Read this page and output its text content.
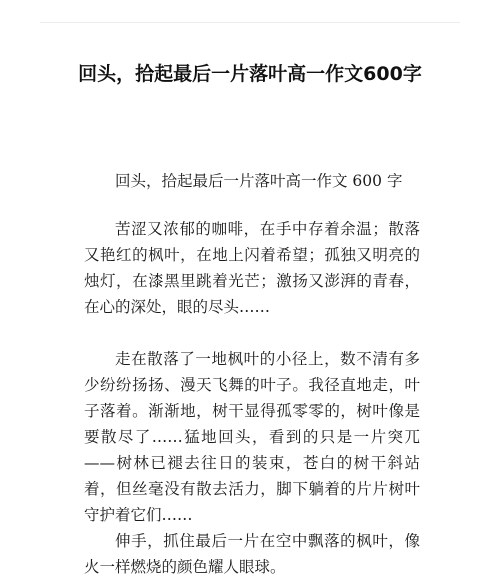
回头，拾起最后一片落叶高一作文600字

回头，拾起最后一片落叶高一作文 600 字

苦涩又浓郁的咖啡，在手中存着余温；散落又艳红的枫叶，在地上闪着希望；孤独又明亮的烛灯，在漆黑里跳着光芒；激扬又澎湃的青春，在心的深处，眼的尽头……

走在散落了一地枫叶的小径上，数不清有多少纷纷扬扬、漫天飞舞的叶子。我径直地走，叶子落着。渐渐地，树干显得孤零零的，树叶像是要散尽了……猛地回头，看到的只是一片突兀——树林已褪去往日的装束，苍白的树干斜站着，但丝毫没有散去活力，脚下躺着的片片树叶守护着它们……

伸手，抓住最后一片在空中飘落的枫叶，像火一样燃烧的颜色耀人眼球。
